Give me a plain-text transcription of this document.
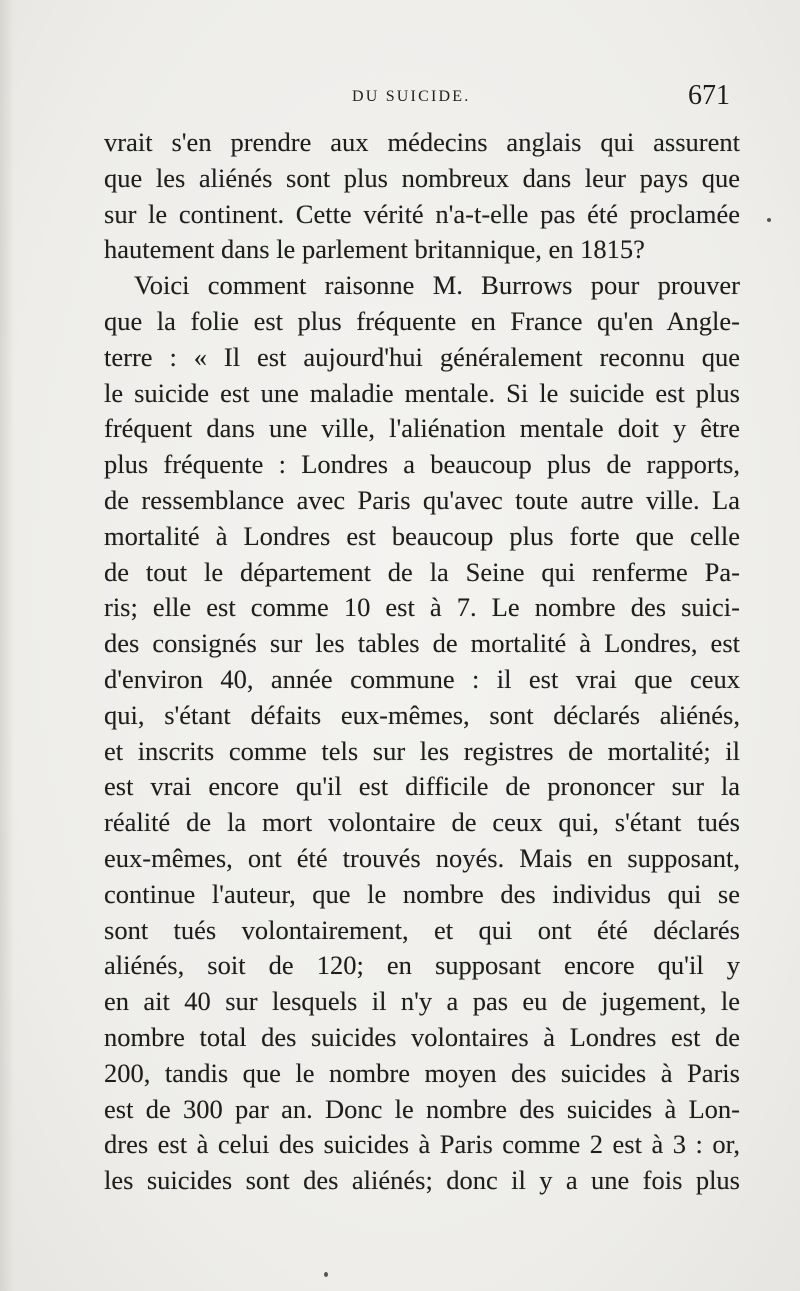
DU SUICIDE.	671
vrait s'en prendre aux médecins anglais qui assurent
que les aliénés sont plus nombreux dans leur pays que
sur le continent. Cette vérité n'a-t-elle pas été proclamée
hautement dans le parlement britannique, en 1815?
Voici comment raisonne M. Burrows pour prouver
que la folie est plus fréquente en France qu'en Angle-
terre : « Il est aujourd'hui généralement reconnu que
le suicide est une maladie mentale. Si le suicide est plus
fréquent dans une ville, l'aliénation mentale doit y être
plus fréquente : Londres a beaucoup plus de rapports,
de ressemblance avec Paris qu'avec toute autre ville. La
mortalité à Londres est beaucoup plus forte que celle
de tout le département de la Seine qui renferme Pa-
ris; elle est comme 10 est à 7. Le nombre des suici-
des consignés sur les tables de mortalité à Londres, est
d'environ 40, année commune : il est vrai que ceux
qui, s'étant défaits eux-mêmes, sont déclarés aliénés,
et inscrits comme tels sur les registres de mortalité; il
est vrai encore qu'il est difficile de prononcer sur la
réalité de la mort volontaire de ceux qui, s'étant tués
eux-mêmes, ont été trouvés noyés. Mais en supposant,
continue l'auteur, que le nombre des individus qui se
sont tués volontairement, et qui ont été déclarés
aliénés, soit de 120; en supposant encore qu'il y
en ait 40 sur lesquels il n'y a pas eu de jugement, le
nombre total des suicides volontaires à Londres est de
200, tandis que le nombre moyen des suicides à Paris
est de 300 par an. Donc le nombre des suicides à Lon-
dres est à celui des suicides à Paris comme 2 est à 3 : or,
les suicides sont des aliénés; donc il y a une fois plus
